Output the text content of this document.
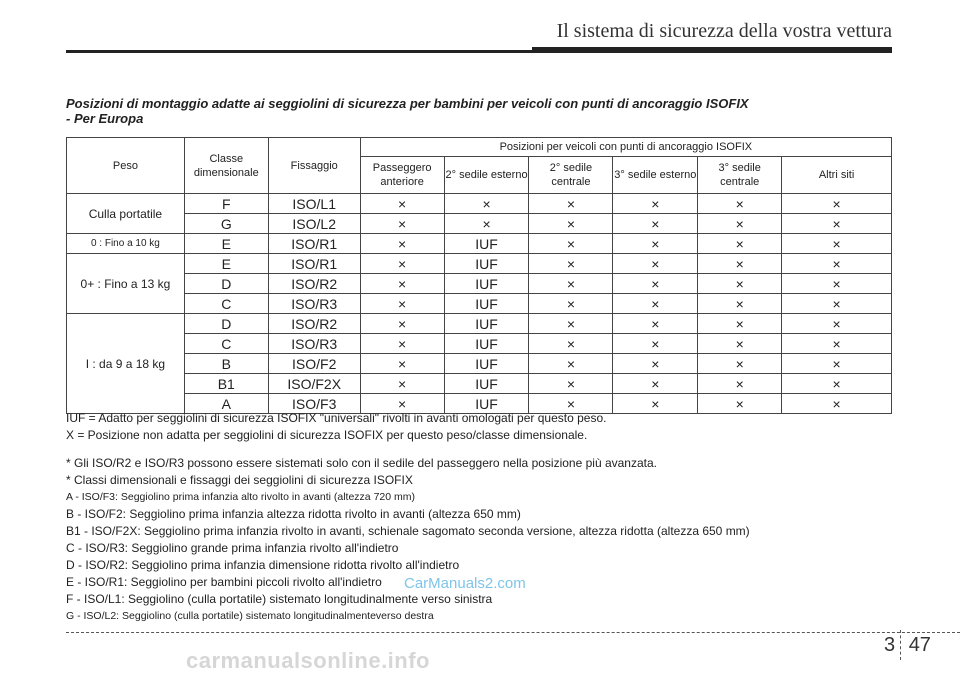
Il sistema di sicurezza della vostra vettura
Posizioni di montaggio adatte ai seggiolini di sicurezza per bambini per veicoli con punti di ancoraggio ISOFIX
- Per Europa
Peso	Classe dimensionale	Fissaggio	Posizioni per veicoli con punti di ancoraggio ISOFIX					
			Passeggero anteriore	2° sedile esterno	2° sedile centrale	3° sedile esterno	3° sedile centrale	Altri siti
Culla portatile	F	ISO/L1	×	×	×	×	×	×
	G	ISO/L2	×	×	×	×	×	×
0 : Fino a 10 kg	E	ISO/R1	×	IUF	×	×	×	×
0+ : Fino a 13 kg	E	ISO/R1	×	IUF	×	×	×	×
	D	ISO/R2	×	IUF	×	×	×	×
	C	ISO/R3	×	IUF	×	×	×	×
I : da 9 a 18 kg	D	ISO/R2	×	IUF	×	×	×	×
	C	ISO/R3	×	IUF	×	×	×	×
	B	ISO/F2	×	IUF	×	×	×	×
	B1	ISO/F2X	×	IUF	×	×	×	×
	A	ISO/F3	×	IUF	×	×	×	×
IUF = Adatto per seggiolini di sicurezza ISOFIX "universali" rivolti in avanti omologati per questo peso.
X = Posizione non adatta per seggiolini di sicurezza ISOFIX per questo peso/classe dimensionale.
* Gli ISO/R2 e ISO/R3 possono essere sistemati solo con il sedile del passeggero nella posizione più avanzata.
* Classi dimensionali e fissaggi dei seggiolini di sicurezza ISOFIX
A - ISO/F3: Seggiolino prima infanzia alto rivolto in avanti (altezza 720 mm)
B - ISO/F2: Seggiolino prima infanzia altezza ridotta rivolto in avanti (altezza 650 mm)
B1 - ISO/F2X: Seggiolino prima infanzia rivolto in avanti, schienale sagomato seconda versione, altezza ridotta (altezza 650 mm)
C - ISO/R3: Seggiolino grande prima infanzia rivolto all'indietro
D - ISO/R2: Seggiolino prima infanzia dimensione ridotta rivolto all'indietro
E - ISO/R1: Seggiolino per bambini piccoli rivolto all'indietro
F - ISO/L1: Seggiolino (culla portatile) sistemato longitudinalmente verso sinistra
G - ISO/L2: Seggiolino (culla portatile) sistemato longitudinalmenteverso destra
CarManuals2.com
3 47
carmanualsonline.info
